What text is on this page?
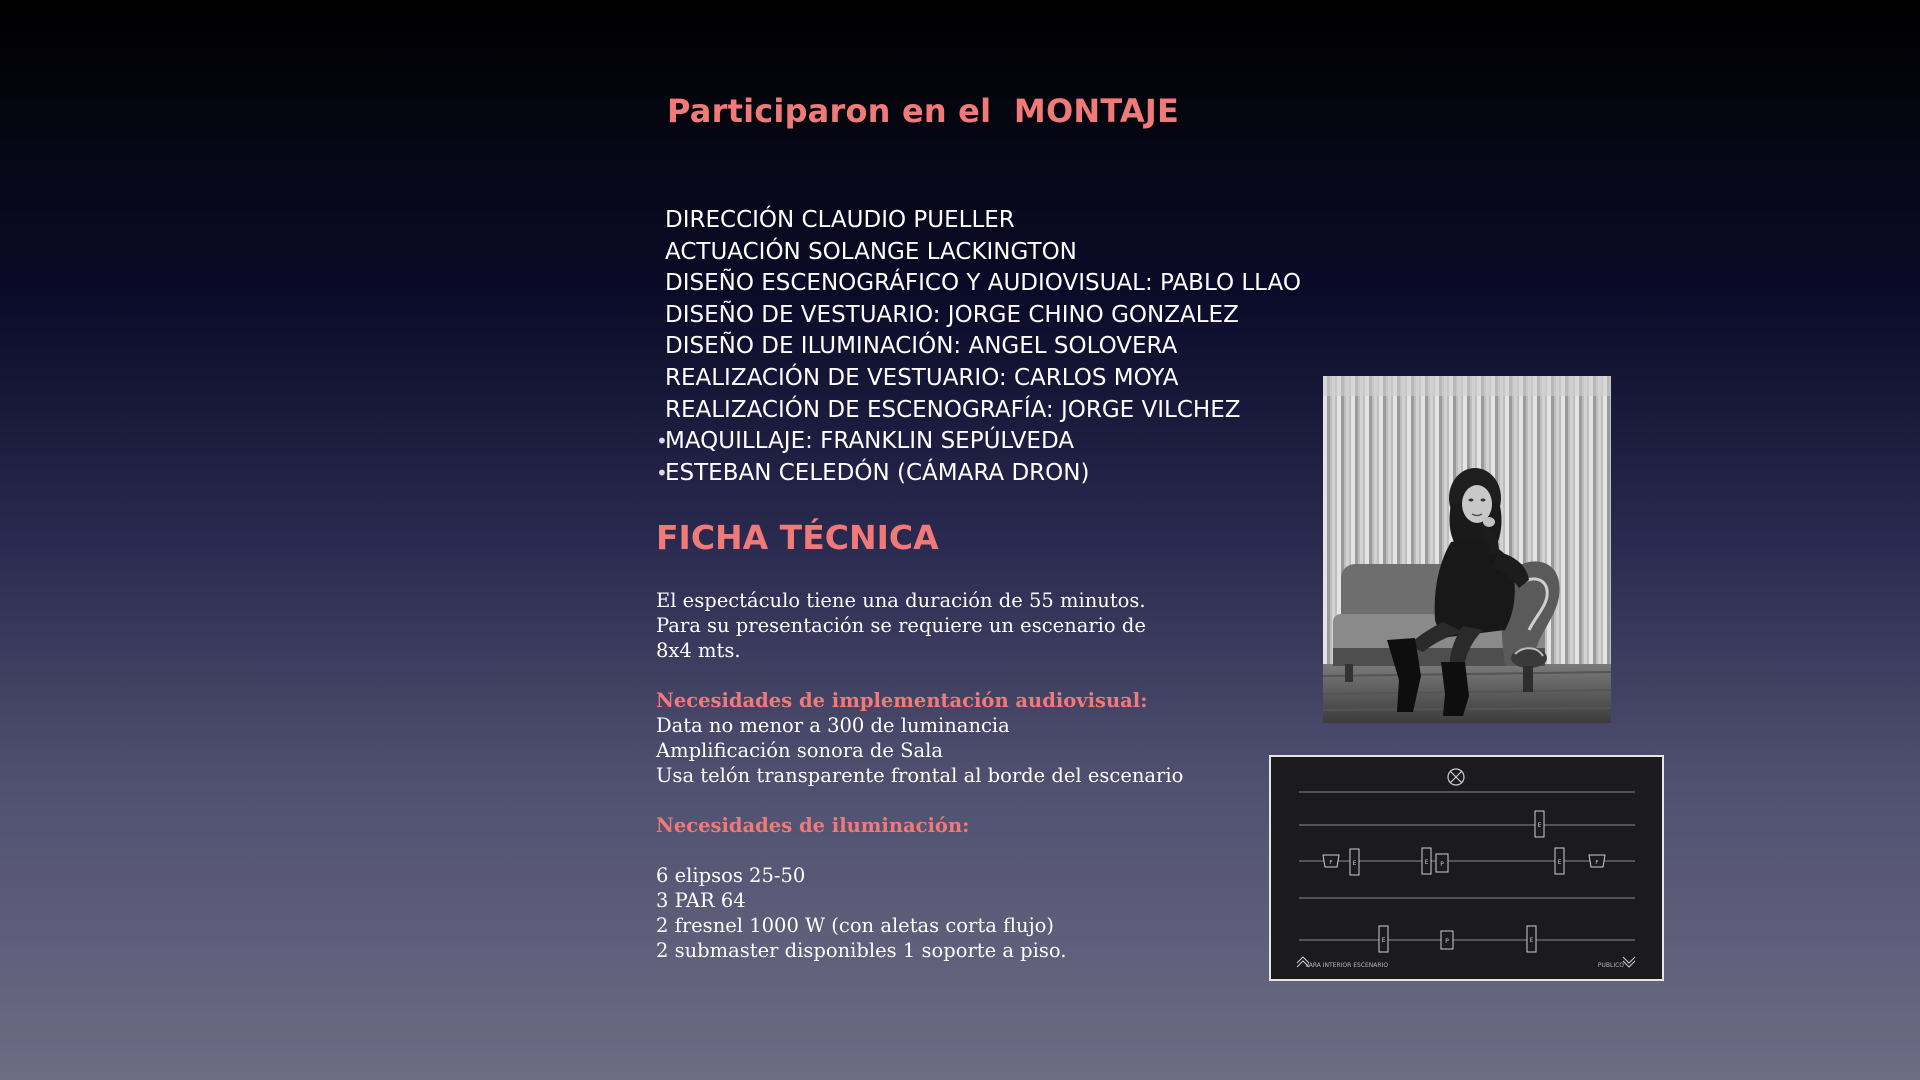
Participaron en el  MONTAJE
DIRECCIÓN CLAUDIO PUELLER
ACTUACIÓN SOLANGE LACKINGTON
DISEÑO ESCENOGRÁFICO Y AUDIOVISUAL: PABLO LLAO
DISEÑO DE VESTUARIO: JORGE CHINO GONZALEZ
DISEÑO DE ILUMINACIÓN: ANGEL SOLOVERA
REALIZACIÓN DE VESTUARIO: CARLOS MOYA
REALIZACIÓN DE ESCENOGRAFÍA: JORGE VILCHEZ
•
MAQUILLAJE: FRANKLIN SEPÚLVEDA
•
ESTEBAN CELEDÓN (CÁMARA DRON)
FICHA TÉCNICA
El espectáculo tiene una duración de 55 minutos.
Para su presentación se requiere un escenario de
8x4 mts.
Necesidades de implementación audiovisual:
Data no menor a 300 de luminancia
Amplificación sonora de Sala
Usa telón transparente frontal al borde del escenario
Necesidades de iluminación:
6 elipsos 25-50
3 PAR 64
2 fresnel 1000 W (con aletas corta flujo)
2 submaster disponibles 1 soporte a piso.
E
F	E	E P	E	F
E	P	E
VARA INTERIOR ESCENARIO	PUBLICO
